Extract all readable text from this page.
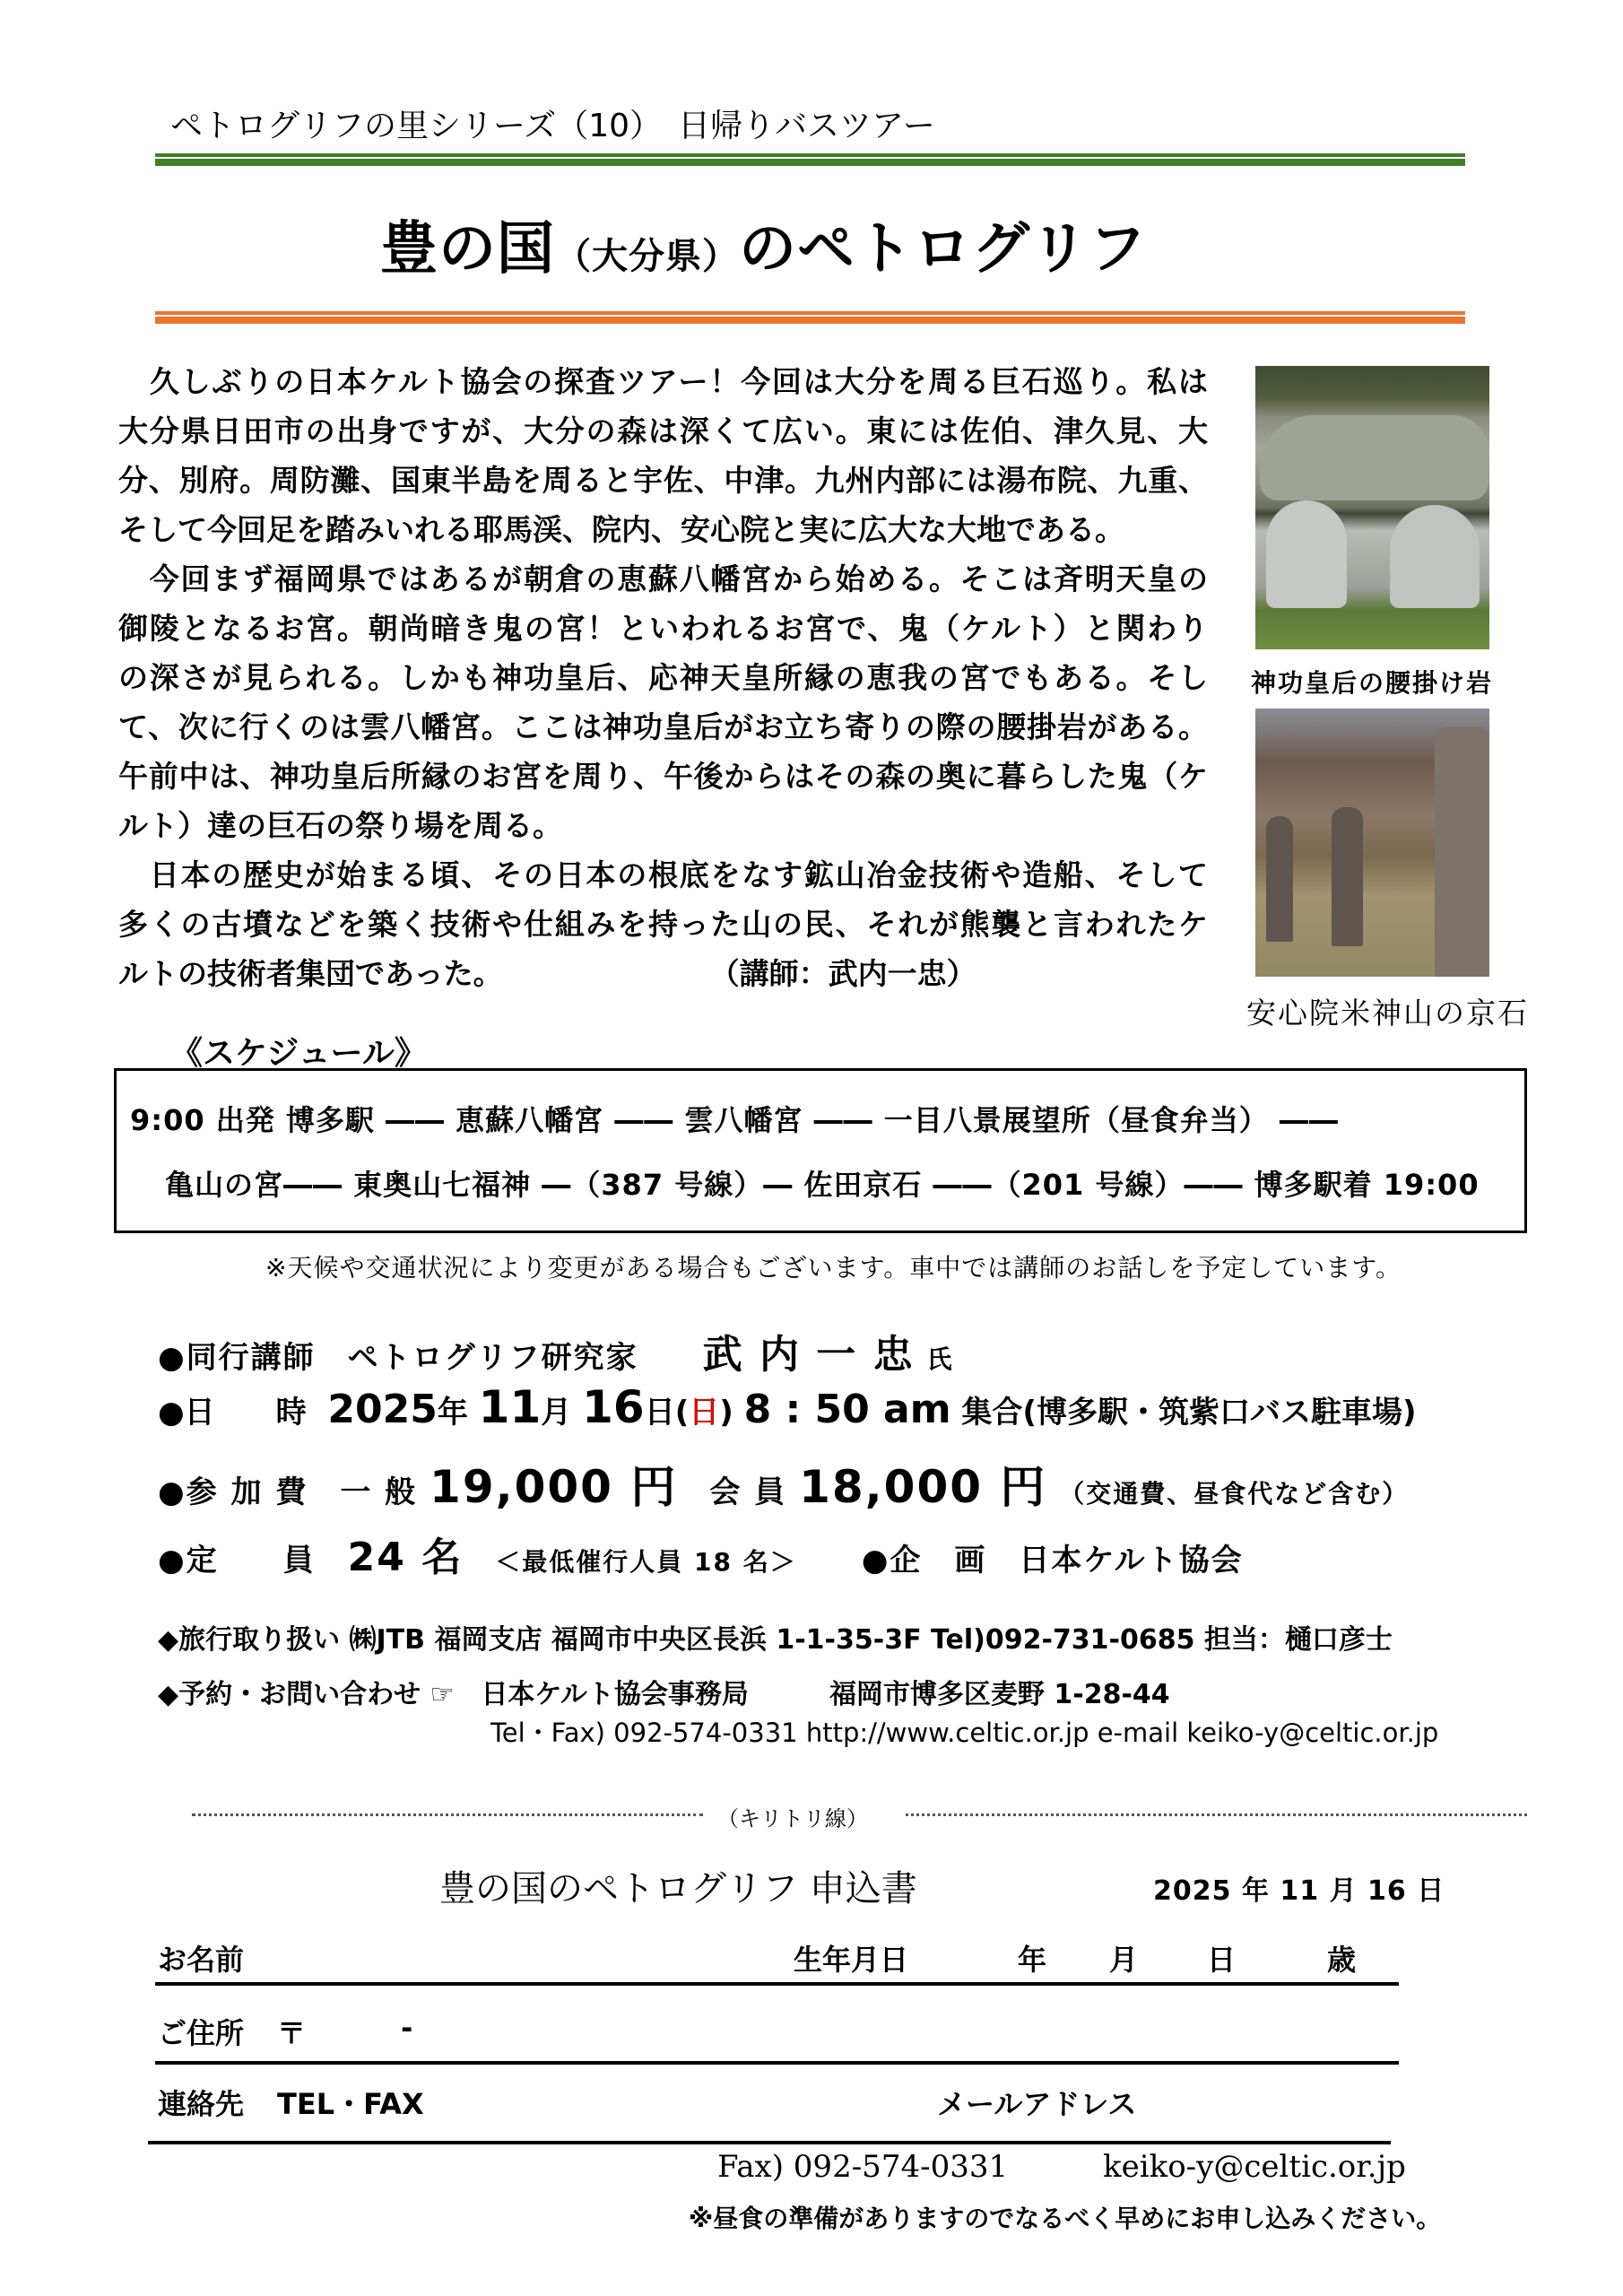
ペトログリフの里シリーズ（10）　日帰りバスツアー
豊の国（大分県）のペトログリフ
　久しぶりの日本ケルト協会の探査ツアー！今回は大分を周る巨石巡り。私は
大分県日田市の出身ですが、大分の森は深くて広い。東には佐伯、津久見、大
分、別府。周防灘、国東半島を周ると宇佐、中津。九州内部には湯布院、九重、
そして今回足を踏みいれる耶馬渓、院内、安心院と実に広大な大地である。
　今回まず福岡県ではあるが朝倉の恵蘇八幡宮から始める。そこは斉明天皇の
御陵となるお宮。朝尚暗き鬼の宮！といわれるお宮で、鬼（ケルト）と関わり
の深さが見られる。しかも神功皇后、応神天皇所縁の恵我の宮でもある。そし
て、次に行くのは雲八幡宮。ここは神功皇后がお立ち寄りの際の腰掛岩がある。
午前中は、神功皇后所縁のお宮を周り、午後からはその森の奥に暮らした鬼（ケ
ルト）達の巨石の祭り場を周る。
　日本の歴史が始まる頃、その日本の根底をなす鉱山冶金技術や造船、そして
多くの古墳などを築く技術や仕組みを持った山の民、それが熊襲と言われたケ
ルトの技術者集団であった。　　　　　　　　（講師：武内一忠）
神功皇后の腰掛け岩
安心院米神山の京石
《スケジュール》
9:00 出発 博多駅 ―― 恵蘇八幡宮 ―― 雲八幡宮 ―― 一目八景展望所（昼食弁当） ――
亀山の宮―― 東奥山七福神 ―（387 号線）― 佐田京石 ――（201 号線）―― 博多駅着 19:00
※天候や交通状況により変更がある場合もございます。車中では講師のお話しを予定しています。
●同行講師　 ペトログリフ研究家　　 武 内 一 忠 氏
●日　　時 2025年 11月 16日(日) 8 : 50 am 集合(博多駅・筑紫口バス駐車場)
●参 加 費　 一 般 19,000 円　 会 員 18,000 円 （交通費、昼食代など含む）
●定　　員　 24 名　 ＜最低催行人員 18 名＞　　 ●企　画　 日本ケルト協会
◆旅行取り扱い ㈱JTB 福岡支店 福岡市中央区長浜 1-1-35-3F Tel)092-731-0685 担当：樋口彦士
◆予約・お問い合わせ ☞　 日本ケルト協会事務局　　　	福岡市博多区麦野 1-28-44
Tel・Fax) 092-574-0331 http://www.celtic.or.jp e-mail keiko-y@celtic.or.jp
（キリトリ線）
豊の国のペトログリフ 申込書	2025 年 11 月 16 日
お名前	生年月日	年 月 日	歳
ご住所 〒	-
連絡先 TEL・FAX	メールアドレス
Fax) 092-574-0331	keiko-y@celtic.or.jp
※昼食の準備がありますのでなるべく早めにお申し込みください。
